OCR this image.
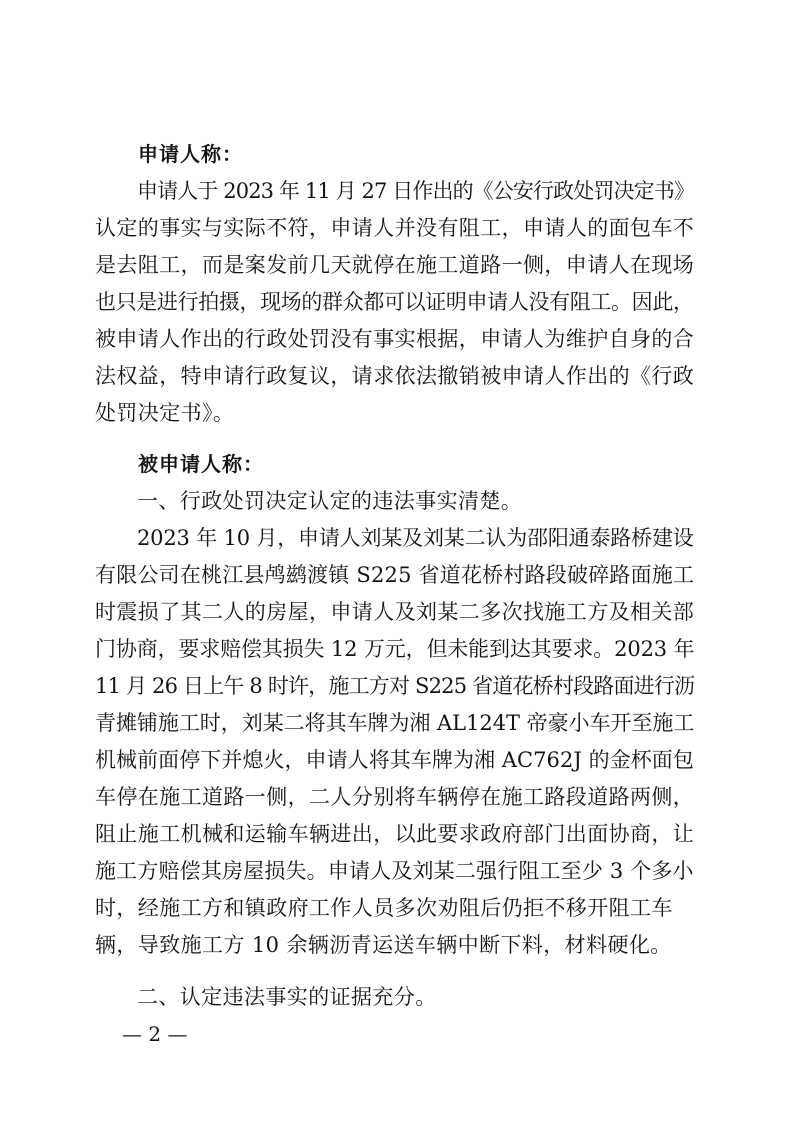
申请人称：
申请人于 2023 年 11 月 27 日作出的《公安行政处罚决定书》
认定的事实与实际不符，申请人并没有阻工，申请人的面包车不
是去阻工，而是案发前几天就停在施工道路一侧，申请人在现场
也只是进行拍摄，现场的群众都可以证明申请人没有阻工。因此，
被申请人作出的行政处罚没有事实根据，申请人为维护自身的合
法权益，特申请行政复议，请求依法撤销被申请人作出的《行政
处罚决定书》。
被申请人称：
一、行政处罚决定认定的违法事实清楚。
2023 年 10 月，申请人刘某及刘某二认为邵阳通泰路桥建设
有限公司在桃江县鸬鹚渡镇 S225 省道花桥村路段破碎路面施工
时震损了其二人的房屋，申请人及刘某二多次找施工方及相关部
门协商，要求赔偿其损失 12 万元，但未能到达其要求。2023 年
11 月 26 日上午 8 时许，施工方对 S225 省道花桥村段路面进行沥
青摊铺施工时，刘某二将其车牌为湘 AL124T 帝豪小车开至施工
机械前面停下并熄火，申请人将其车牌为湘 AC762J 的金杯面包
车停在施工道路一侧，二人分别将车辆停在施工路段道路两侧，
阻止施工机械和运输车辆进出，以此要求政府部门出面协商，让
施工方赔偿其房屋损失。申请人及刘某二强行阻工至少 3 个多小
时，经施工方和镇政府工作人员多次劝阻后仍拒不移开阻工车
辆，导致施工方 10 余辆沥青运送车辆中断下料，材料硬化。
二、认定违法事实的证据充分。
— 2 —
